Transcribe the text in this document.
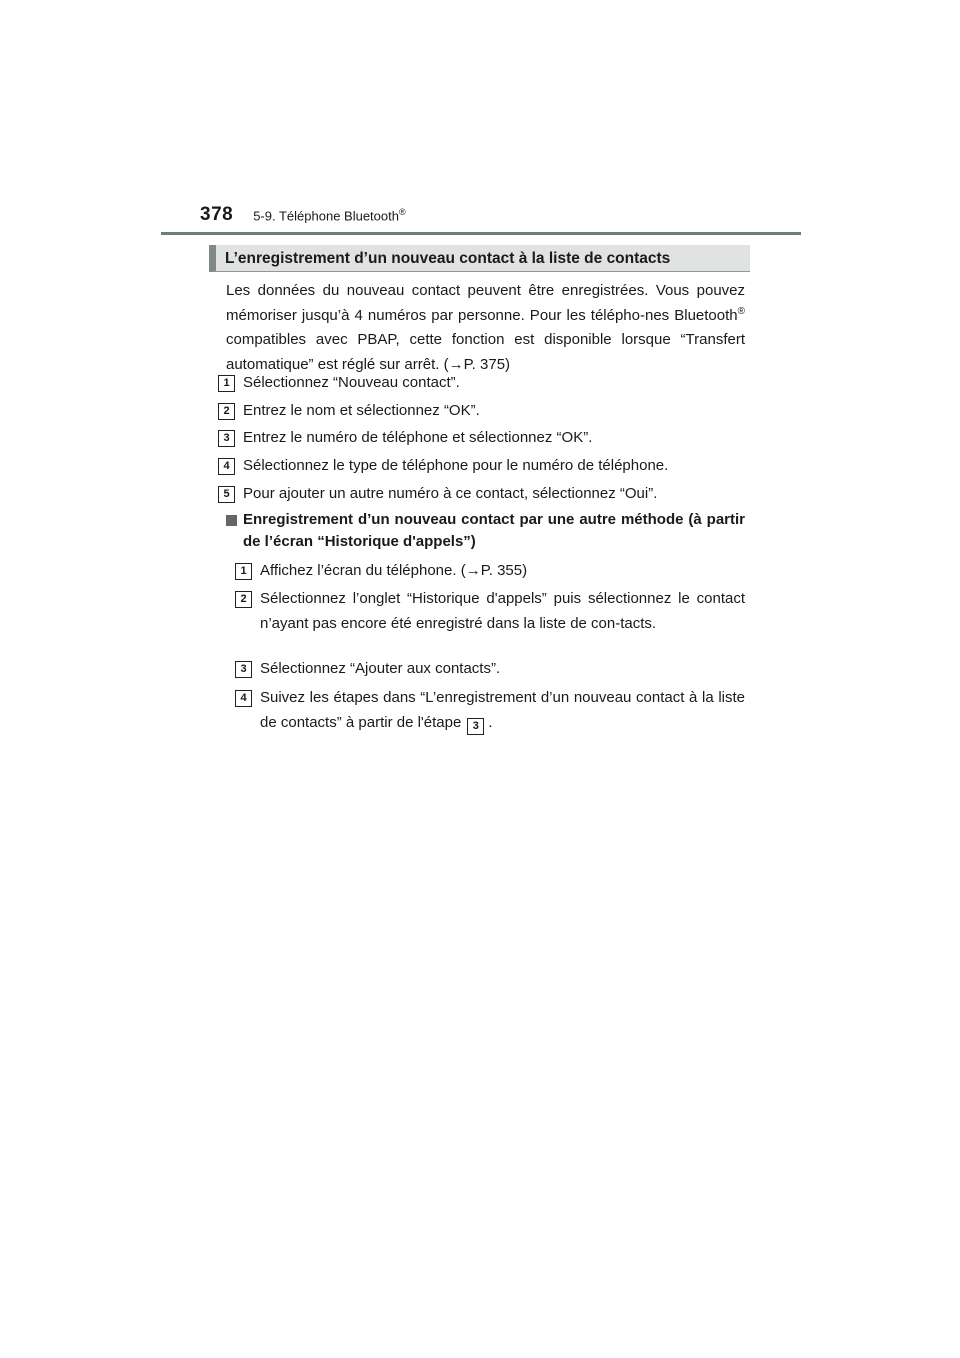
378 5-9. Téléphone Bluetooth®
L’enregistrement d’un nouveau contact à la liste de contacts
Les données du nouveau contact peuvent être enregistrées. Vous pouvez mémoriser jusqu’à 4 numéros par personne. Pour les télépho-nes Bluetooth® compatibles avec PBAP, cette fonction est disponible lorsque “Transfert automatique” est réglé sur arrêt. (→P. 375)
1 Sélectionnez “Nouveau contact”.
2 Entrez le nom et sélectionnez “OK”.
3 Entrez le numéro de téléphone et sélectionnez “OK”.
4 Sélectionnez le type de téléphone pour le numéro de téléphone.
5 Pour ajouter un autre numéro à ce contact, sélectionnez “Oui”.
Enregistrement d’un nouveau contact par une autre méthode (à partir de l’écran “Historique d'appels”)
1 Affichez l’écran du téléphone. (→P. 355)
2 Sélectionnez l’onglet “Historique d'appels” puis sélectionnez le contact n’ayant pas encore été enregistré dans la liste de con-tacts.
3 Sélectionnez “Ajouter aux contacts”.
4 Suivez les étapes dans “L’enregistrement d’un nouveau contact à la liste de contacts” à partir de l'étape 3 .
